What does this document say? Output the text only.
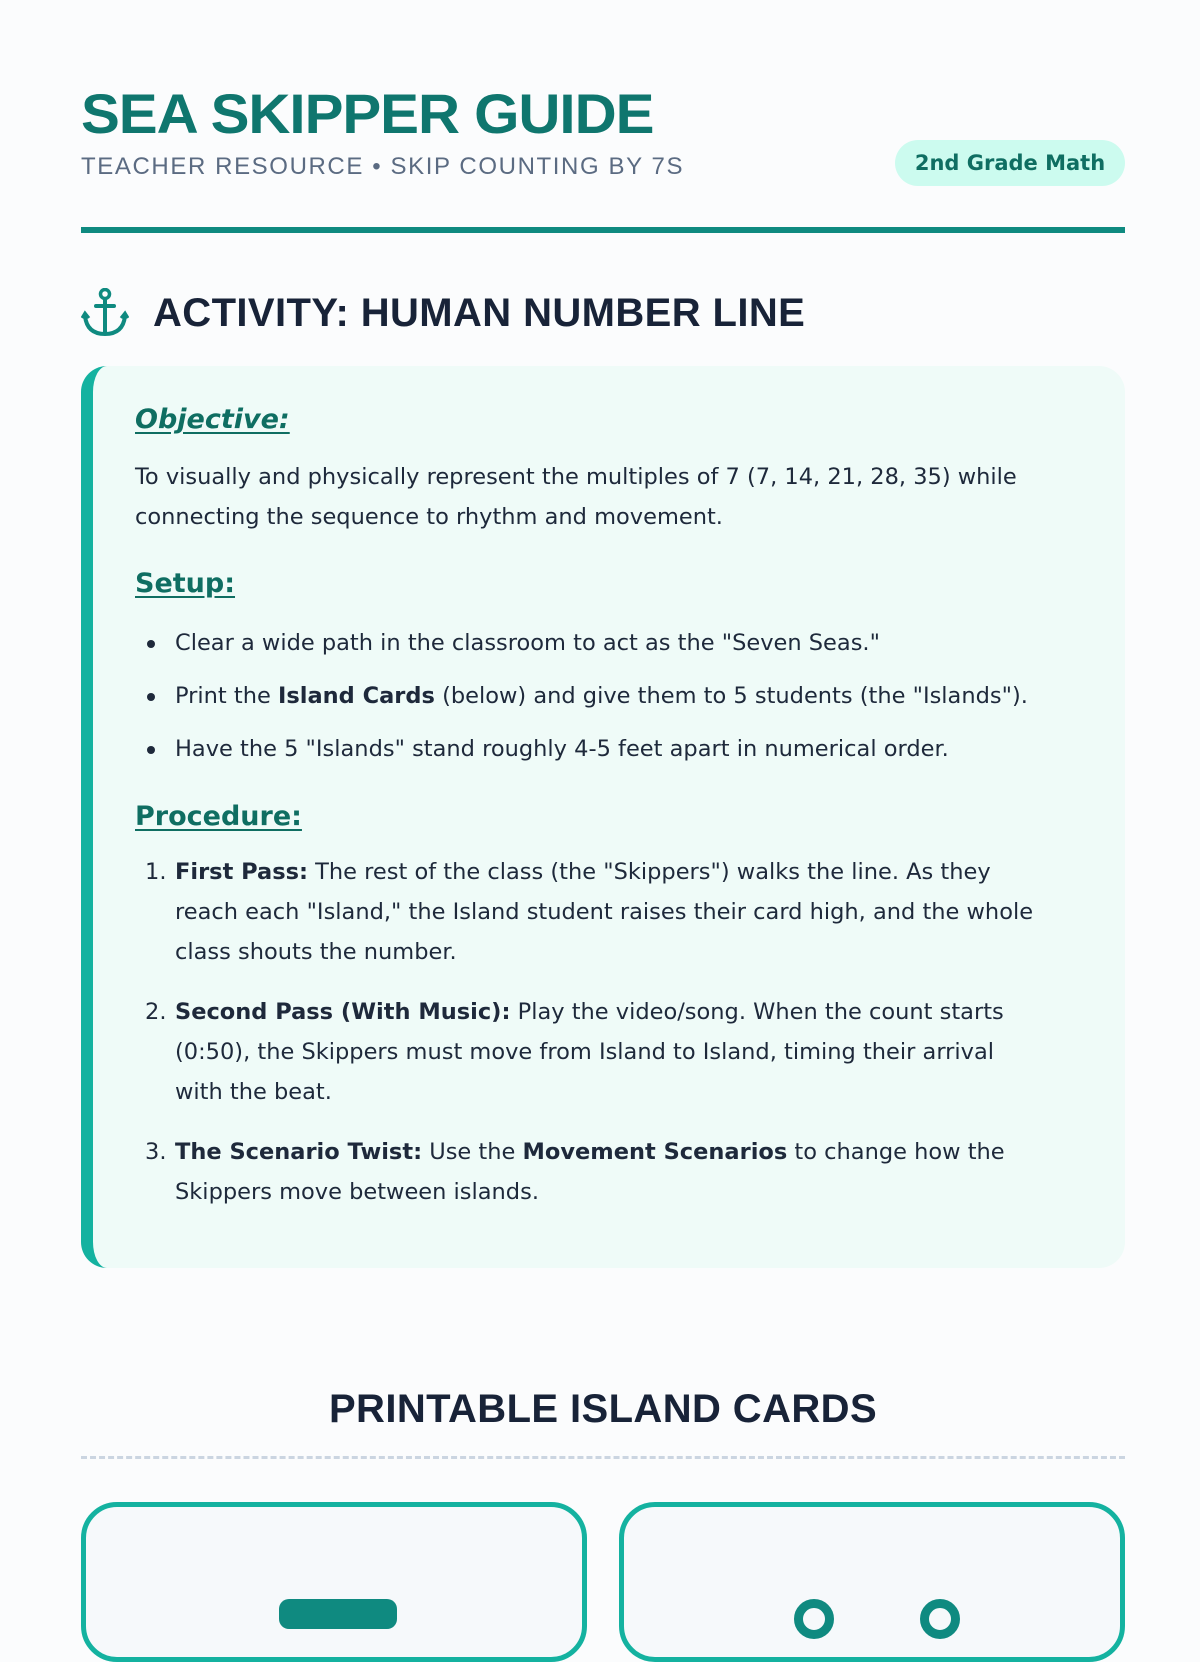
SEA SKIPPER GUIDE
TEACHER RESOURCE • SKIP COUNTING BY 7S	2nd Grade Math
ACTIVITY: HUMAN NUMBER LINE
Objective:

To visually and physically represent the multiples of 7 (7, 14, 21, 28, 35) while
connecting the sequence to rhythm and movement.

Setup:
Clear a wide path in the classroom to act as the "Seven Seas."
Print the Island Cards (below) and give them to 5 students (the "Islands").
Have the 5 "Islands" stand roughly 4-5 feet apart in numerical order.
Procedure:
1. First Pass: The rest of the class (the "Skippers") walks the line. As they
reach each "Island," the Island student raises their card high, and the whole
class shouts the number.
2. Second Pass (With Music): Play the video/song. When the count starts
(0:50), the Skippers must move from Island to Island, timing their arrival
with the beat.
3. The Scenario Twist: Use the Movement Scenarios to change how the
Skippers move between islands.
PRINTABLE ISLAND CARDS
